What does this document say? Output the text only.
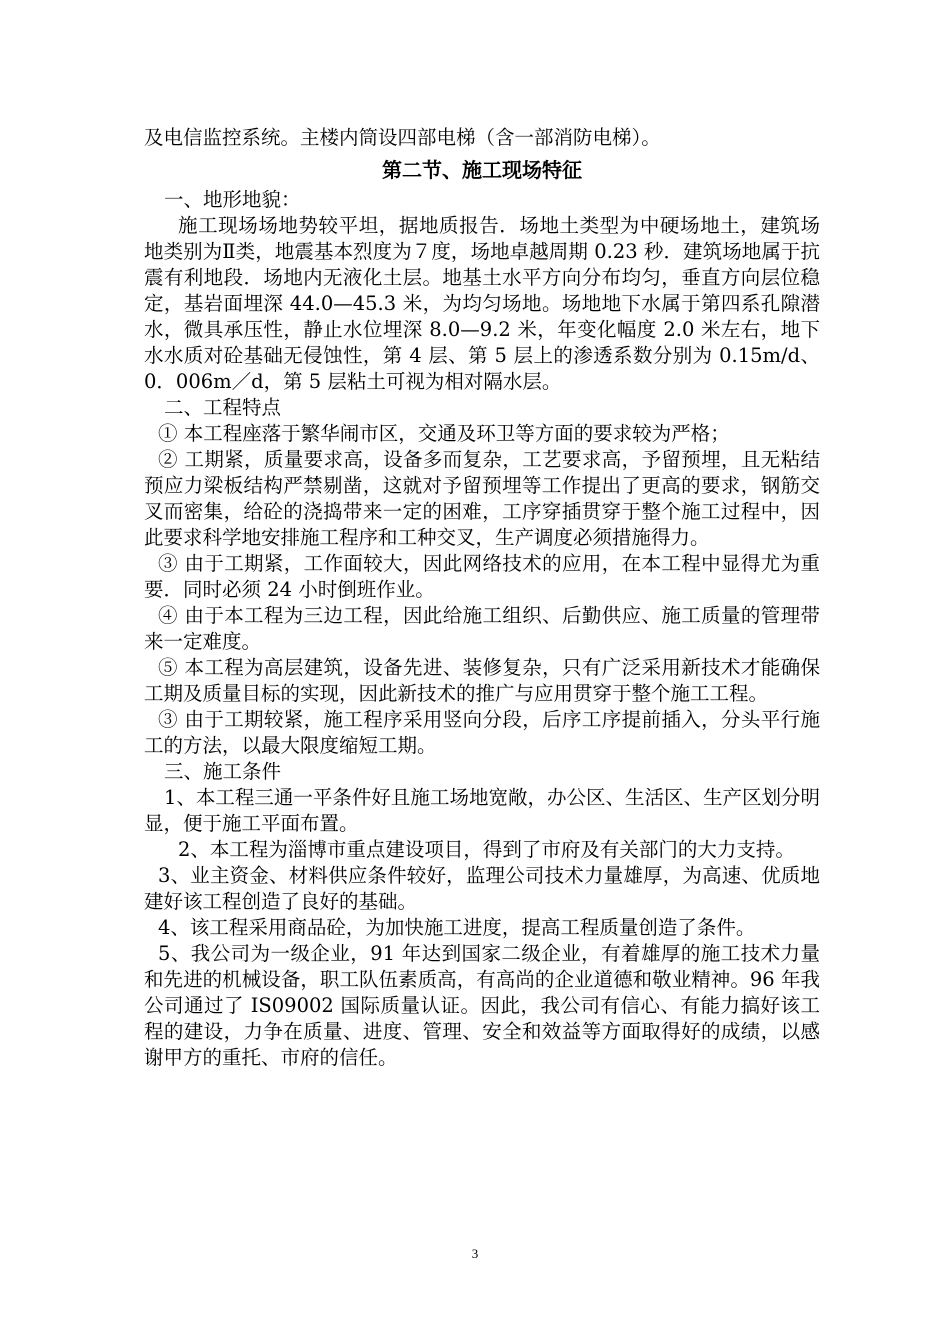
及电信监控系统。主楼内筒设四部电梯（含一部消防电梯）。

第二节、施工现场特征

一、地形地貌：

施工现场场地势较平坦，据地质报告．场地土类型为中硬场地土，建筑场地类别为Ⅱ类，地震基本烈度为７度，场地卓越周期 0.23 秒．建筑场地属于抗震有利地段．场地内无液化土层。地基土水平方向分布均匀，垂直方向层位稳定，基岩面埋深 44.0—45.3 米，为均匀场地。场地地下水属于第四系孔隙潜水，微具承压性，静止水位埋深 8.0—9.2 米，年变化幅度 2.0 米左右，地下水水质对砼基础无侵蚀性，第 4 层、第 5 层上的渗透系数分别为 0.15m/d、0．006m／d，第 5 层粘土可视为相对隔水层。

二、工程特点

① 本工程座落于繁华闹市区，交通及环卫等方面的要求较为严格；

② 工期紧，质量要求高，设备多而复杂，工艺要求高，予留预埋，且无粘结预应力梁板结构严禁剔凿，这就对予留预埋等工作提出了更高的要求，钢筋交叉而密集，给砼的浇捣带来一定的困难，工序穿插贯穿于整个施工过程中，因此要求科学地安排施工程序和工种交叉，生产调度必须措施得力。

③ 由于工期紧，工作面较大，因此网络技术的应用，在本工程中显得尤为重要．同时必须 24 小时倒班作业。

④ 由于本工程为三边工程，因此给施工组织、后勤供应、施工质量的管理带来一定难度。

⑤ 本工程为高层建筑，设备先进、装修复杂，只有广泛采用新技术才能确保工期及质量目标的实现，因此新技术的推广与应用贯穿于整个施工工程。

③ 由于工期较紧，施工程序采用竖向分段，后序工序提前插入，分头平行施工的方法，以最大限度缩短工期。

三、施工条件

1、本工程三通一平条件好且施工场地宽敞，办公区、生活区、生产区划分明显，便于施工平面布置。

2、本工程为淄博市重点建设项目，得到了市府及有关部门的大力支持。

3、业主资金、材料供应条件较好，监理公司技术力量雄厚，为高速、优质地建好该工程创造了良好的基础。

4、该工程采用商品砼，为加快施工进度，提高工程质量创造了条件。

5、我公司为一级企业，91 年达到国家二级企业，有着雄厚的施工技术力量和先进的机械设备，职工队伍素质高，有高尚的企业道德和敬业精神。96 年我公司通过了 IS09002 国际质量认证。因此，我公司有信心、有能力搞好该工程的建设，力争在质量、进度、管理、安全和效益等方面取得好的成绩，以感谢甲方的重托、市府的信任。

3
